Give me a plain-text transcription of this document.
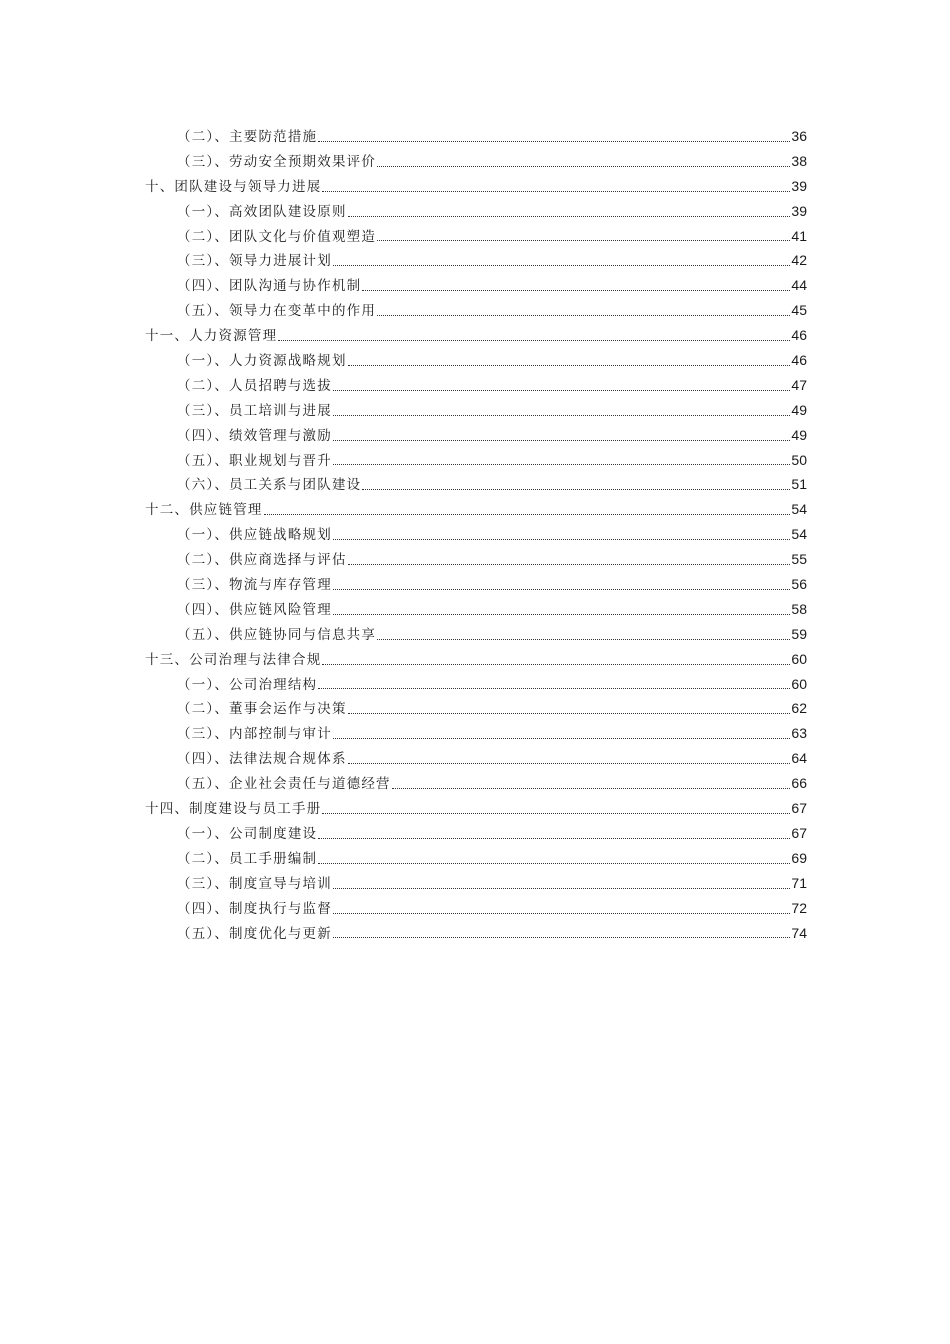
（二）、主要防范措施	36
（三）、劳动安全预期效果评价	38
十、团队建设与领导力进展	39
（一）、高效团队建设原则	39
（二）、团队文化与价值观塑造	41
（三）、领导力进展计划	42
（四）、团队沟通与协作机制	44
（五）、领导力在变革中的作用	45
十一、人力资源管理	46
（一）、人力资源战略规划	46
（二）、人员招聘与选拔	47
（三）、员工培训与进展	49
（四）、绩效管理与激励	49
（五）、职业规划与晋升	50
（六）、员工关系与团队建设	51
十二、供应链管理	54
（一）、供应链战略规划	54
（二）、供应商选择与评估	55
（三）、物流与库存管理	56
（四）、供应链风险管理	58
（五）、供应链协同与信息共享	59
十三、公司治理与法律合规	60
（一）、公司治理结构	60
（二）、董事会运作与决策	62
（三）、内部控制与审计	63
（四）、法律法规合规体系	64
（五）、企业社会责任与道德经营	66
十四、制度建设与员工手册	67
（一）、公司制度建设	67
（二）、员工手册编制	69
（三）、制度宣导与培训	71
（四）、制度执行与监督	72
（五）、制度优化与更新	74
